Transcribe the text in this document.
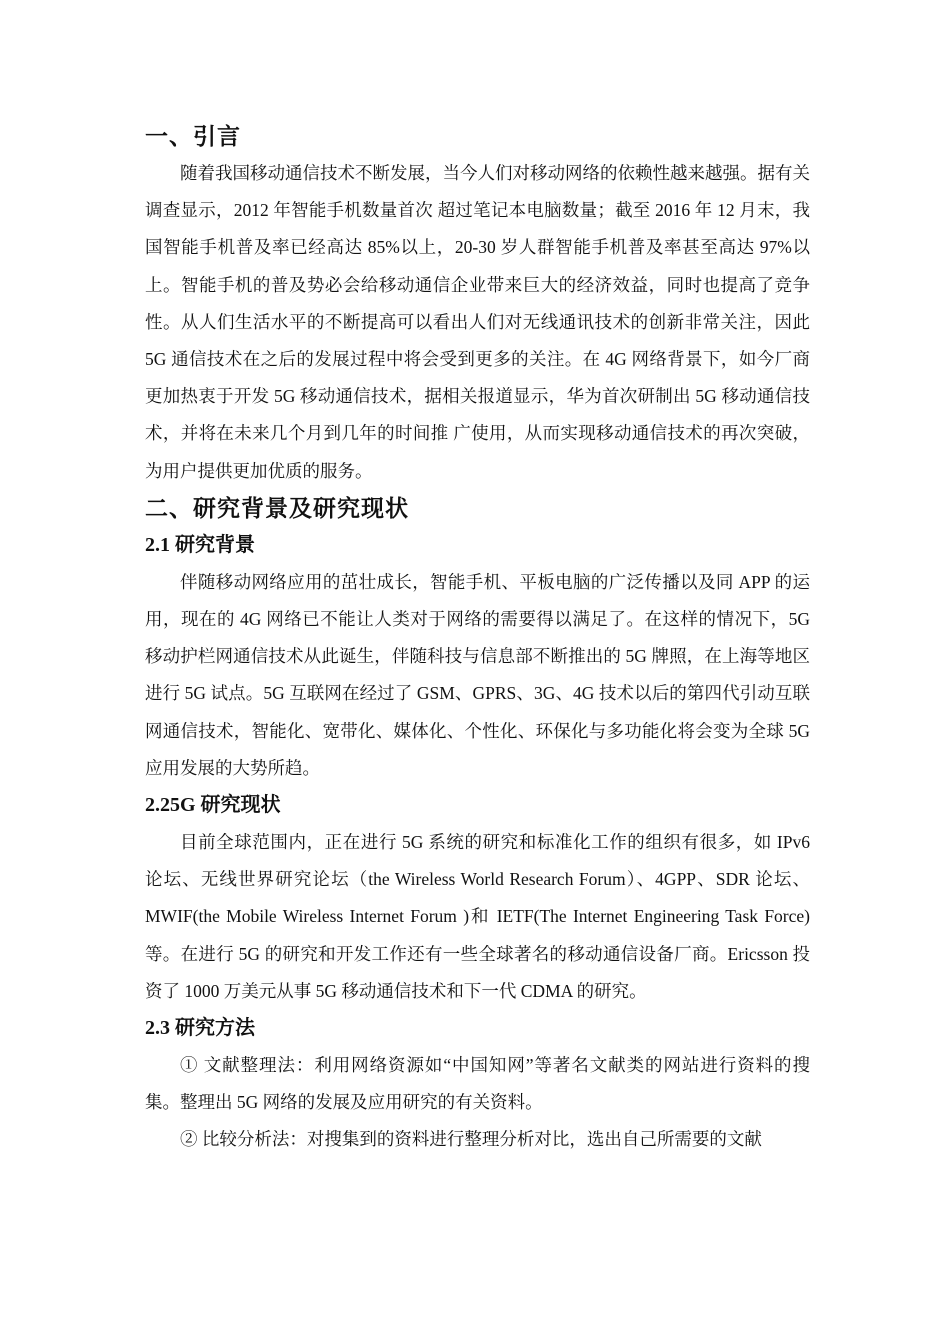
一、引言

随着我国移动通信技术不断发展，当今人们对移动网络的依赖性越来越强。据有关调查显示，2012 年智能手机数量首次 超过笔记本电脑数量；截至 2016 年 12 月末，我国智能手机普及率已经高达 85%以上，20-30 岁人群智能手机普及率甚至高达 97%以上。智能手机的普及势必会给移动通信企业带来巨大的经济效益，同时也提高了竞争性。从人们生活水平的不断提高可以看出人们对无线通讯技术的创新非常关注，因此 5G 通信技术在之后的发展过程中将会受到更多的关注。在 4G 网络背景下，如今厂商 更加热衷于开发 5G 移动通信技术，据相关报道显示，华为首次研制出 5G 移动通信技术，并将在未来几个月到几年的时间推 广使用，从而实现移动通信技术的再次突破，为用户提供更加优质的服务。

二、研究背景及研究现状
2.1 研究背景

伴随移动网络应用的茁壮成长，智能手机、平板电脑的广泛传播以及同 APP 的运用，现在的 4G 网络已不能让人类对于网络的需要得以满足了。在这样的情况下，5G 移动护栏网通信技术从此诞生，伴随科技与信息部不断推出的 5G 牌照，在上海等地区进行 5G 试点。5G 互联网在经过了 GSM、GPRS、3G、4G 技术以后的第四代引动互联网通信技术，智能化、宽带化、媒体化、个性化、环保化与多功能化将会变为全球 5G 应用发展的大势所趋。

2.25G 研究现状

目前全球范围内，正在进行 5G 系统的研究和标准化工作的组织有很多，如 IPv6 论坛、无线世界研究论坛（the Wireless World Research Forum）、4GPP、SDR 论坛、MWIF(the Mobile Wireless Internet Forum )和 IETF(The Internet Engineering Task Force)等。在进行 5G 的研究和开发工作还有一些全球著名的移动通信设备厂商。Ericsson 投资了 1000 万美元从事 5G 移动通信技术和下一代 CDMA 的研究。

2.3 研究方法

① 文献整理法：利用网络资源如“中国知网”等著名文献类的网站进行资料的搜集。整理出 5G 网络的发展及应用研究的有关资料。

② 比较分析法：对搜集到的资料进行整理分析对比，选出自己所需要的文献
